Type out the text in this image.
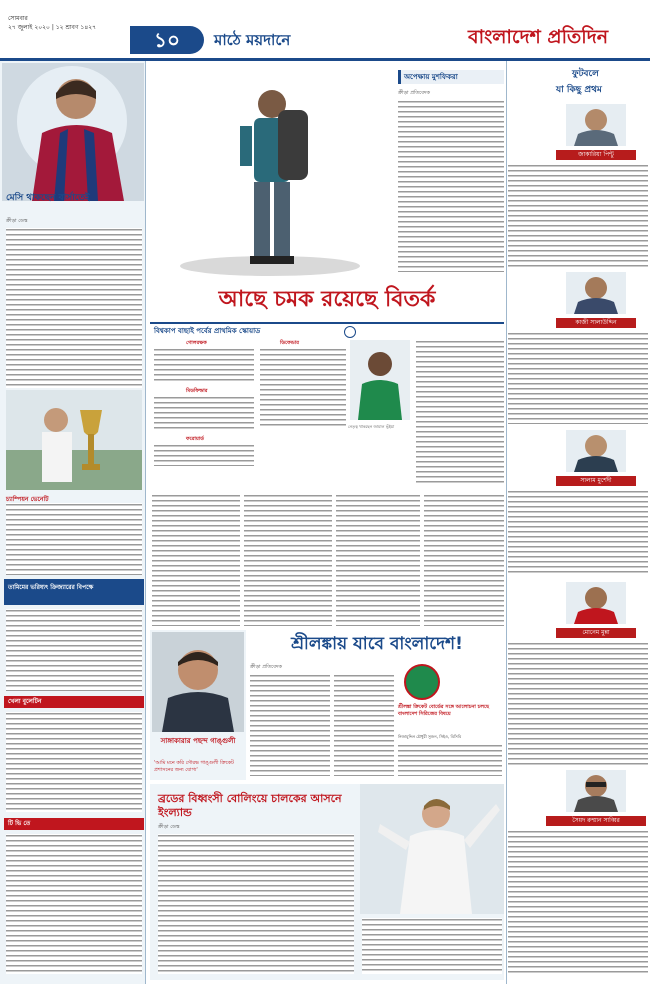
সোমবার
২৭ জুলাই ২০২০ | ১২ শ্রাবণ ১৪২৭
১০	মাঠে ময়দানে	বাংলাদেশ প্রতিদিন
মেসি থাকছেন বার্সাতেই
ক্রীড়া ডেস্ক
চ্যাম্পিয়ন ভেনেটি
তামিমের ভরিষ্যৎ ক্রিজ্যারের বিপক্ষে
খেলা বুলেটিন
টি ভি তে
অপেক্ষায় মুশফিকরা
ক্রীড়া প্রতিবেদক
আছে চমক রয়েছে বিতর্ক
বিশ্বকাপ বাছাই পর্বের প্রাথমিক স্কোয়াড
গোলরক্ষক
মিডফিল্ডার
ফরোয়ার্ড
ডিফেন্ডার
নেতৃত্ব থাকছেন জামাল ভূঁইয়া
শ্রীলঙ্কায় যাবে বাংলাদেশ!
সাঙ্গাকারার পছন্দ গাঙ্গুলী
'আমি মনে করি সৌরভ গাঙ্গুলী ক্রিকেট প্রশাসনের জন্য যোগ্য'
ক্রীড়া প্রতিবেদক
শ্রীলঙ্কা ক্রিকেট বোর্ডের সঙ্গে আলোচনা চলছে বাংলাদেশ সিরিজের বিষয়ে
নিজামুদ্দিন চৌধুরী সুজন, সিইও, বিসিবি
ব্রডের বিধ্বংসী বোলিংয়ে চালকের আসনে ইংল্যান্ড
ক্রীড়া ডেস্ক
ফুটবলে
যা কিছু প্রথম
জাকারিয়া পিন্টু
কাজী সালাউদ্দিন
সালাম মুর্শেদী
মোনেম মুন্না
সৈয়দ রুম্মান সাব্বির
